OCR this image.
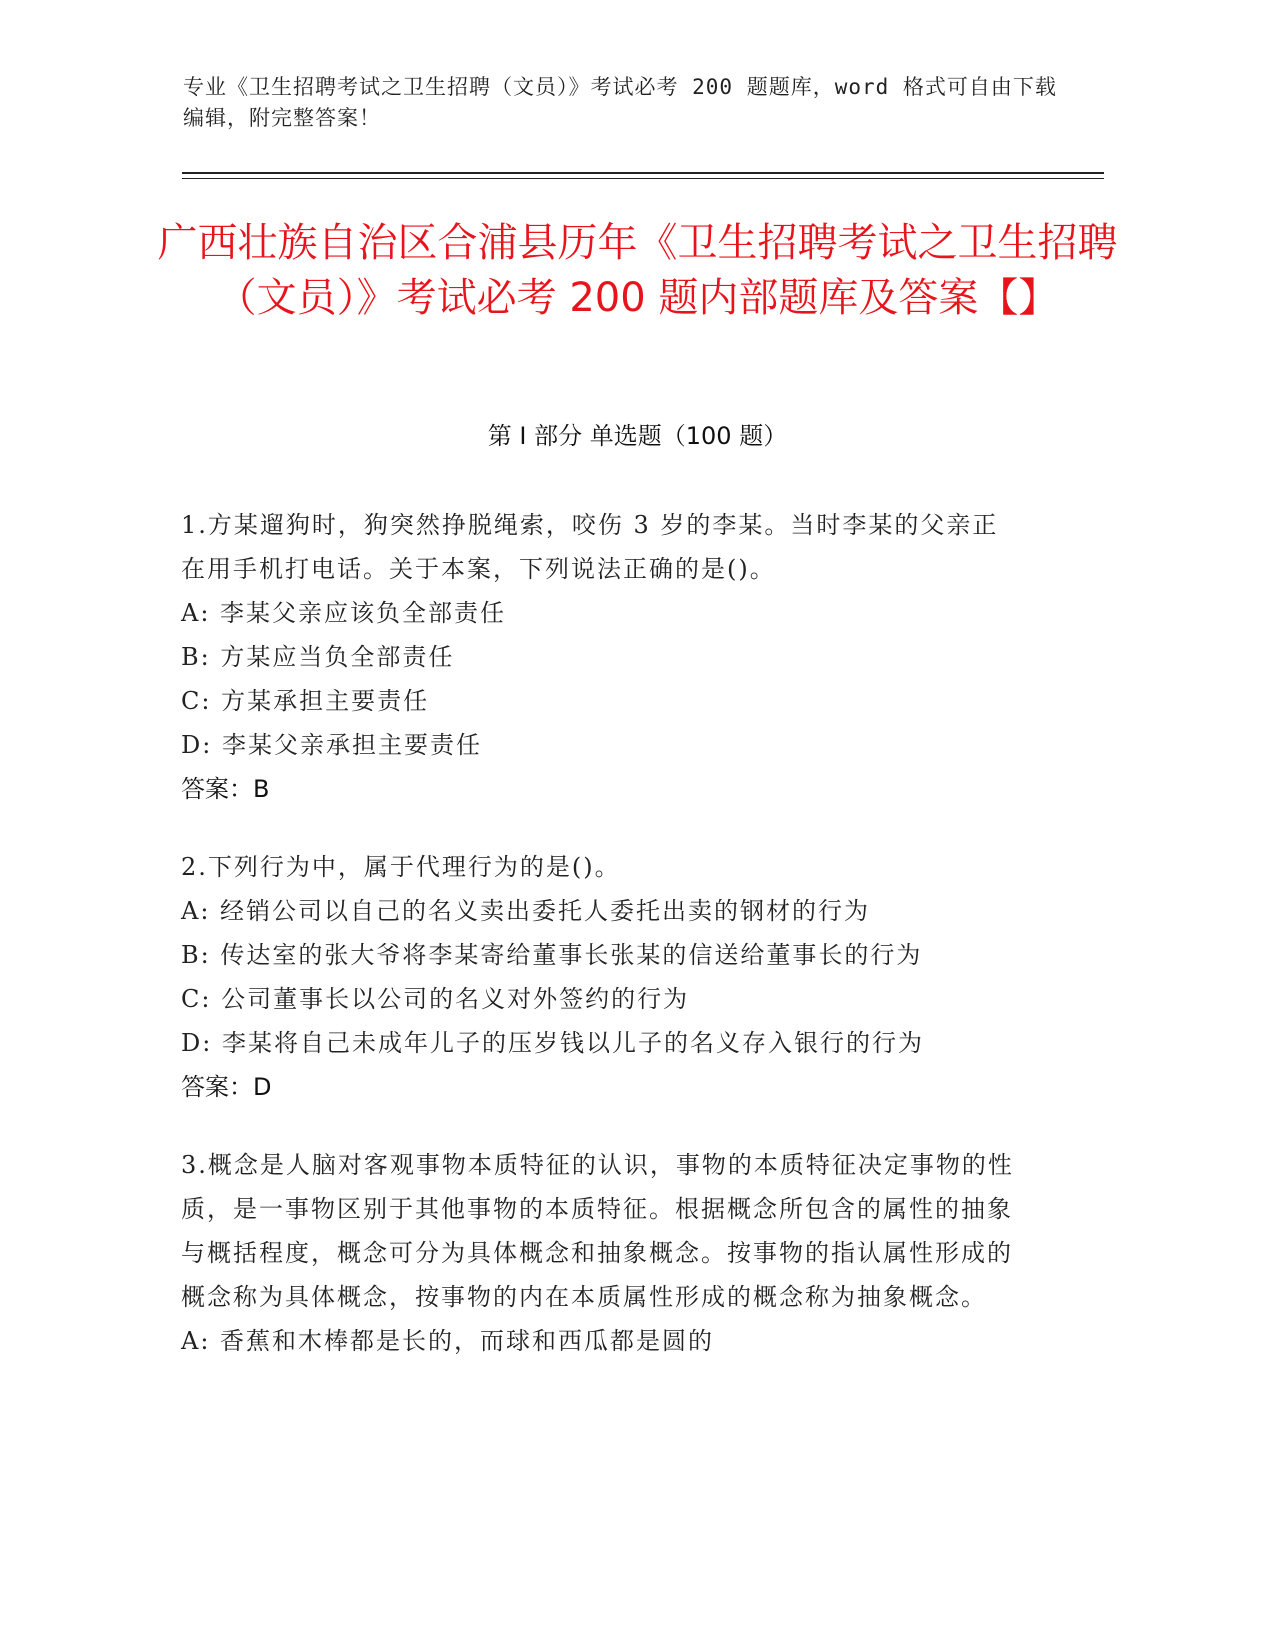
专业《卫生招聘考试之卫生招聘（文员）》考试必考 200 题题库，word 格式可自由下载编辑，附完整答案！
广西壮族自治区合浦县历年《卫生招聘考试之卫生招聘（文员）》考试必考 200 题内部题库及答案【】
第 I 部分 单选题（100 题）
1.方某遛狗时，狗突然挣脱绳索，咬伤 3 岁的李某。当时李某的父亲正在用手机打电话。关于本案，下列说法正确的是()。
A: 李某父亲应该负全部责任
B: 方某应当负全部责任
C: 方某承担主要责任
D: 李某父亲承担主要责任
答案：B
2.下列行为中，属于代理行为的是()。
A: 经销公司以自己的名义卖出委托人委托出卖的钢材的行为
B: 传达室的张大爷将李某寄给董事长张某的信送给董事长的行为
C: 公司董事长以公司的名义对外签约的行为
D: 李某将自己未成年儿子的压岁钱以儿子的名义存入银行的行为
答案：D
3.概念是人脑对客观事物本质特征的认识，事物的本质特征决定事物的性质，是一事物区别于其他事物的本质特征。根据概念所包含的属性的抽象与概括程度，概念可分为具体概念和抽象概念。按事物的指认属性形成的概念称为具体概念，按事物的内在本质属性形成的概念称为抽象概念。
A: 香蕉和木棒都是长的，而球和西瓜都是圆的
